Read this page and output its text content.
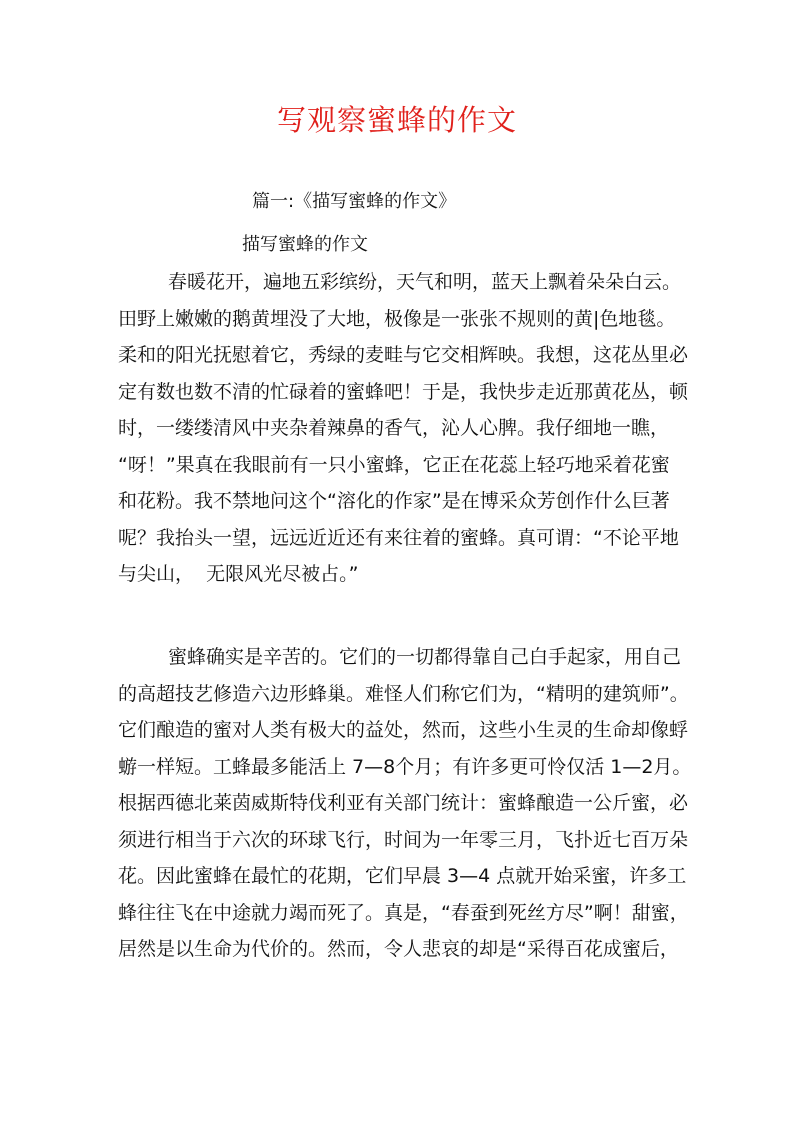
写观察蜜蜂的作文
篇一:《描写蜜蜂的作文》
描写蜜蜂的作文
春暖花开，遍地五彩缤纷，天气和明，蓝天上飘着朵朵白云。
田野上嫩嫩的鹅黄埋没了大地，极像是一张张不规则的黄|色地毯。
柔和的阳光抚慰着它，秀绿的麦畦与它交相辉映。我想，这花丛里必
定有数也数不清的忙碌着的蜜蜂吧！于是，我快步走近那黄花丛，顿
时，一缕缕清风中夹杂着辣鼻的香气，沁人心脾。我仔细地一瞧，
“呀！”果真在我眼前有一只小蜜蜂，它正在花蕊上轻巧地采着花蜜
和花粉。我不禁地问这个“溶化的作家”是在博采众芳创作什么巨著
呢？我抬头一望，远远近近还有来往着的蜜蜂。真可谓：“不论平地
与尖山，  无限风光尽被占。”
蜜蜂确实是辛苦的。它们的一切都得靠自己白手起家，用自己
的高超技艺修造六边形蜂巢。难怪人们称它们为，“精明的建筑师”。
它们酿造的蜜对人类有极大的益处，然而，这些小生灵的生命却像蜉
蝣一样短。工蜂最多能活上 7—8个月；有许多更可怜仅活 1—2月。
根据西德北莱茵威斯特伐利亚有关部门统计：蜜蜂酿造一公斤蜜，必
须进行相当于六次的环球飞行，时间为一年零三月，飞扑近七百万朵
花。因此蜜蜂在最忙的花期，它们早晨 3—4 点就开始采蜜，许多工
蜂往往飞在中途就力竭而死了。真是，“春蚕到死丝方尽”啊！甜蜜，
居然是以生命为代价的。然而，令人悲哀的却是“采得百花成蜜后，
